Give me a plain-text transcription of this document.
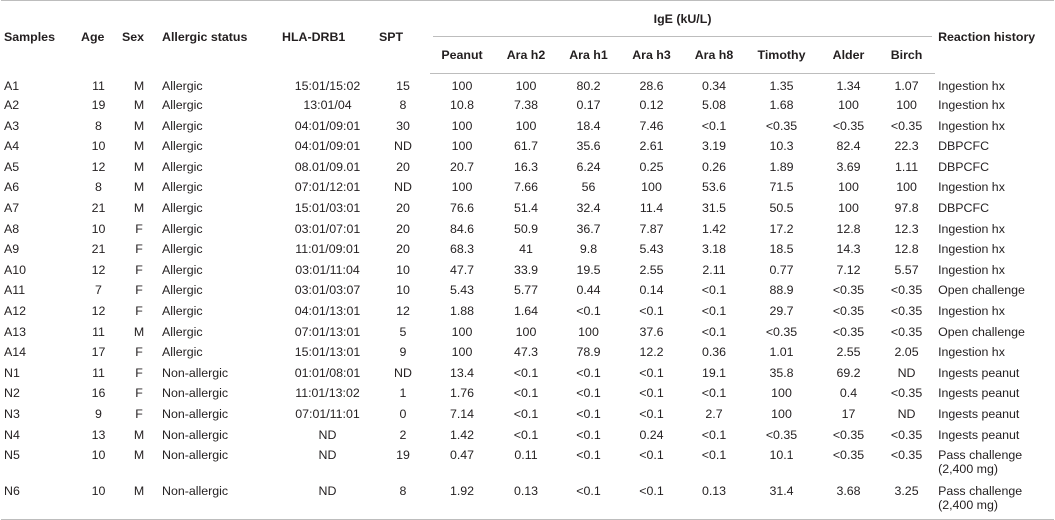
Samples	Age	Sex	Allergic status	HLA-DRB1	SPT	IgE (kU/L)								Reaction history
						Peanut	Ara h2	Ara h1	Ara h3	Ara h8	Timothy	Alder	Birch	
A1	11	M	Allergic	15:01/15:02	15	100	100	80.2	28.6	0.34	1.35	1.34	1.07	Ingestion hx
A2	19	M	Allergic	13:01/04	8	10.8	7.38	0.17	0.12	5.08	1.68	100	100	Ingestion hx
A3	8	M	Allergic	04:01/09:01	30	100	100	18.4	7.46	<0.1	<0.35	<0.35	<0.35	Ingestion hx
A4	10	M	Allergic	04:01/09:01	ND	100	61.7	35.6	2.61	3.19	10.3	82.4	22.3	DBPCFC
A5	12	M	Allergic	08.01/09.01	20	20.7	16.3	6.24	0.25	0.26	1.89	3.69	1.11	DBPCFC
A6	8	M	Allergic	07:01/12:01	ND	100	7.66	56	100	53.6	71.5	100	100	Ingestion hx
A7	21	M	Allergic	15:01/03:01	20	76.6	51.4	32.4	11.4	31.5	50.5	100	97.8	DBPCFC
A8	10	F	Allergic	03:01/07:01	20	84.6	50.9	36.7	7.87	1.42	17.2	12.8	12.3	Ingestion hx
A9	21	F	Allergic	11:01/09:01	20	68.3	41	9.8	5.43	3.18	18.5	14.3	12.8	Ingestion hx
A10	12	F	Allergic	03:01/11:04	10	47.7	33.9	19.5	2.55	2.11	0.77	7.12	5.57	Ingestion hx
A11	7	F	Allergic	03:01/03:07	10	5.43	5.77	0.44	0.14	<0.1	88.9	<0.35	<0.35	Open challenge
A12	12	F	Allergic	04:01/13:01	12	1.88	1.64	<0.1	<0.1	<0.1	29.7	<0.35	<0.35	Ingestion hx
A13	11	M	Allergic	07:01/13:01	5	100	100	100	37.6	<0.1	<0.35	<0.35	<0.35	Open challenge
A14	17	F	Allergic	15:01/13:01	9	100	47.3	78.9	12.2	0.36	1.01	2.55	2.05	Ingestion hx
N1	11	F	Non-allergic	01:01/08:01	ND	13.4	<0.1	<0.1	<0.1	19.1	35.8	69.2	ND	Ingests peanut
N2	16	F	Non-allergic	11:01/13:02	1	1.76	<0.1	<0.1	<0.1	<0.1	100	0.4	<0.35	Ingests peanut
N3	9	F	Non-allergic	07:01/11:01	0	7.14	<0.1	<0.1	<0.1	2.7	100	17	ND	Ingests peanut
N4	13	M	Non-allergic	ND	2	1.42	<0.1	<0.1	0.24	<0.1	<0.35	<0.35	<0.35	Ingests peanut
N5	10	M	Non-allergic	ND	19	0.47	0.11	<0.1	<0.1	<0.1	10.1	<0.35	<0.35	Pass challenge (2,400 mg)
N6	10	M	Non-allergic	ND	8	1.92	0.13	<0.1	<0.1	0.13	31.4	3.68	3.25	Pass challenge (2,400 mg)
